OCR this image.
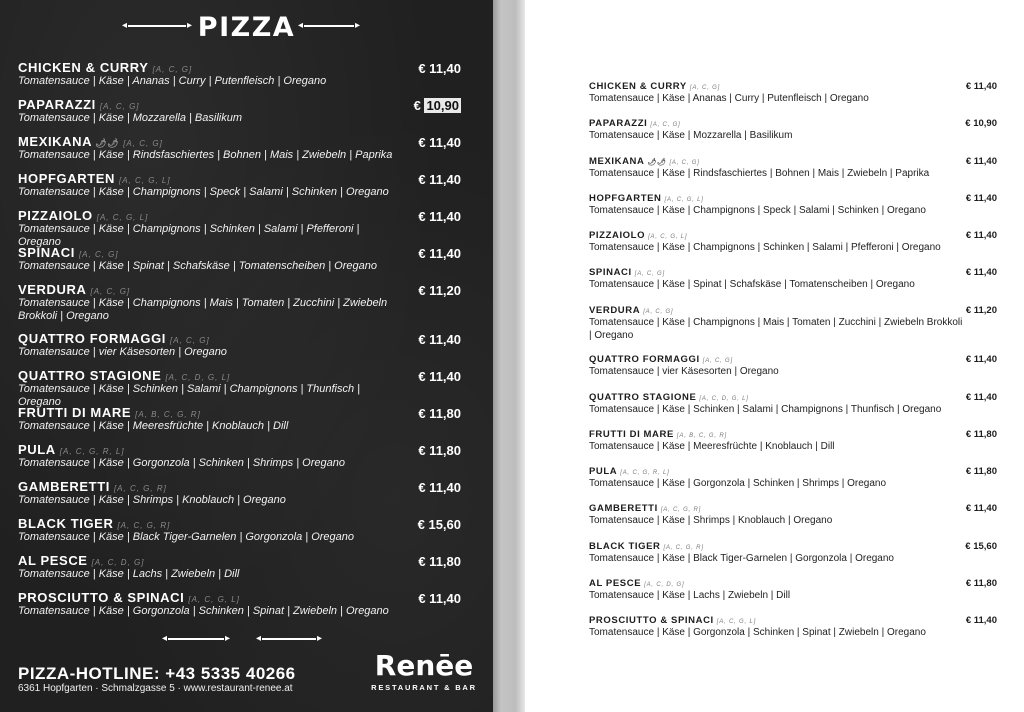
◂	▸ PIZZA ◂	▸
CHICKEN & CURRY [A, C, G]
Tomatensauce | Käse | Ananas | Curry | Putenfleisch | Oregano
€ 11,40
PAPARAZZI [A, C, G]
Tomatensauce | Käse | Mozzarella | Basilikum
€ 10,90
MEXIKANA 🌶🌶 [A, C, G]
Tomatensauce | Käse | Rindsfaschiertes | Bohnen | Mais | Zwiebeln | Paprika
€ 11,40
HOPFGARTEN [A, C, G, L]
Tomatensauce | Käse | Champignons | Speck | Salami | Schinken | Oregano
€ 11,40
PIZZAIOLO [A, C, G, L]
Tomatensauce | Käse | Champignons | Schinken | Salami | Pfefferoni | Oregano
€ 11,40
SPINACI [A, C, G]
Tomatensauce | Käse | Spinat | Schafskäse | Tomatenscheiben | Oregano
€ 11,40
VERDURA [A, C, G]
Tomatensauce | Käse | Champignons | Mais | Tomaten | Zucchini | Zwiebeln Brokkoli | Oregano
€ 11,20
QUATTRO FORMAGGI [A, C, G]
Tomatensauce | vier Käsesorten | Oregano
€ 11,40
QUATTRO STAGIONE [A, C, D, G, L]
Tomatensauce | Käse | Schinken | Salami | Champignons | Thunfisch | Oregano
€ 11,40
FRUTTI DI MARE [A, B, C, G, R]
Tomatensauce | Käse | Meeresfrüchte | Knoblauch | Dill
€ 11,80
PULA [A, C, G, R, L]
Tomatensauce | Käse | Gorgonzola | Schinken | Shrimps | Oregano
€ 11,80
GAMBERETTI [A, C, G, R]
Tomatensauce | Käse | Shrimps | Knoblauch | Oregano
€ 11,40
BLACK TIGER [A, C, G, R]
Tomatensauce | Käse | Black Tiger-Garnelen | Gorgonzola | Oregano
€ 15,60
AL PESCE [A, C, D, G]
Tomatensauce | Käse | Lachs | Zwiebeln | Dill
€ 11,80
PROSCIUTTO & SPINACI [A, C, G, L]
Tomatensauce | Käse | Gorgonzola | Schinken | Spinat | Zwiebeln | Oregano
€ 11,40
◂	▸	◂	▸
PIZZA-HOTLINE: +43 5335 40266
6361 Hopfgarten · Schmalzgasse 5 · www.restaurant-renee.at
Renēe
RESTAURANT & BAR
CHICKEN & CURRY [A, C, G]
Tomatensauce | Käse | Ananas | Curry | Putenfleisch | Oregano
€ 11,40
PAPARAZZI [A, C, G]
Tomatensauce | Käse | Mozzarella | Basilikum
€ 10,90
MEXIKANA 🌶🌶 [A, C, G]
Tomatensauce | Käse | Rindsfaschiertes | Bohnen | Mais | Zwiebeln | Paprika
€ 11,40
HOPFGARTEN [A, C, G, L]
Tomatensauce | Käse | Champignons | Speck | Salami | Schinken | Oregano
€ 11,40
PIZZAIOLO [A, C, G, L]
Tomatensauce | Käse | Champignons | Schinken | Salami | Pfefferoni | Oregano
€ 11,40
SPINACI [A, C, G]
Tomatensauce | Käse | Spinat | Schafskäse | Tomatenscheiben | Oregano
€ 11,40
VERDURA [A, C, G]
Tomatensauce | Käse | Champignons | Mais | Tomaten | Zucchini | Zwiebeln Brokkoli | Oregano
€ 11,20
QUATTRO FORMAGGI [A, C, G]
Tomatensauce | vier Käsesorten | Oregano
€ 11,40
QUATTRO STAGIONE [A, C, D, G, L]
Tomatensauce | Käse | Schinken | Salami | Champignons | Thunfisch | Oregano
€ 11,40
FRUTTI DI MARE [A, B, C, G, R]
Tomatensauce | Käse | Meeresfrüchte | Knoblauch | Dill
€ 11,80
PULA [A, C, G, R, L]
Tomatensauce | Käse | Gorgonzola | Schinken | Shrimps | Oregano
€ 11,80
GAMBERETTI [A, C, G, R]
Tomatensauce | Käse | Shrimps | Knoblauch | Oregano
€ 11,40
BLACK TIGER [A, C, G, R]
Tomatensauce | Käse | Black Tiger-Garnelen | Gorgonzola | Oregano
€ 15,60
AL PESCE [A, C, D, G]
Tomatensauce | Käse | Lachs | Zwiebeln | Dill
€ 11,80
PROSCIUTTO & SPINACI [A, C, G, L]
Tomatensauce | Käse | Gorgonzola | Schinken | Spinat | Zwiebeln | Oregano
€ 11,40
